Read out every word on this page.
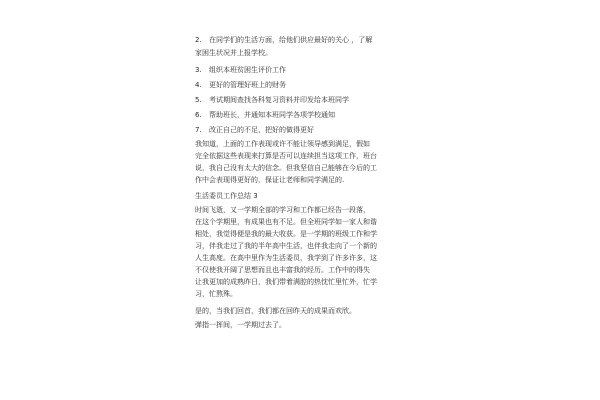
2. 在同学们的生活方面，给他们供应最好的关心 ，了解
家困生状况并上报学校。
3. 组织本班贫困生评价工作
4. 更好的管理好班上的财务
5. 考试期间查找各科复习资料并印发给本班同学
6. 帮助班长，并通知本班同学各项学校通知
7. 改正自己的不足，把好的做得更好
我知道，上面的工作表现或许不能让领导感到满足，假如
完全依据这些表现来打算是否可以连续担当这项工作，班台
说，我自己没有太大的信念。但我坚信自己能够在今后的工
作中会表现得更好的，保证让老师和同学满足的.
生活委员工作总结 3
时间飞逝，又一学期全部的学习和工作都已经告一段落，
在这个学期里，有成果也有不足。但全班同学如一家人和谐
相处，我觉得便是我的最大收获。是一学期的班级工作和学
习，伴我走过了我的半年高中生活，也伴我走向了一个新的
人生高度。在高中里作为生活委员，我学到了许多许多，这
不仅使我开阔了思想而且也丰富我的经历。工作中的得失
让我更加的成熟昨日，我们带着满腔的热忱忙里忙外，忙学
习，忙熬殊。
是的，当我们回首，我们都在回昨天的成果而欢欣。
弹指一挥间，一学期过去了。
